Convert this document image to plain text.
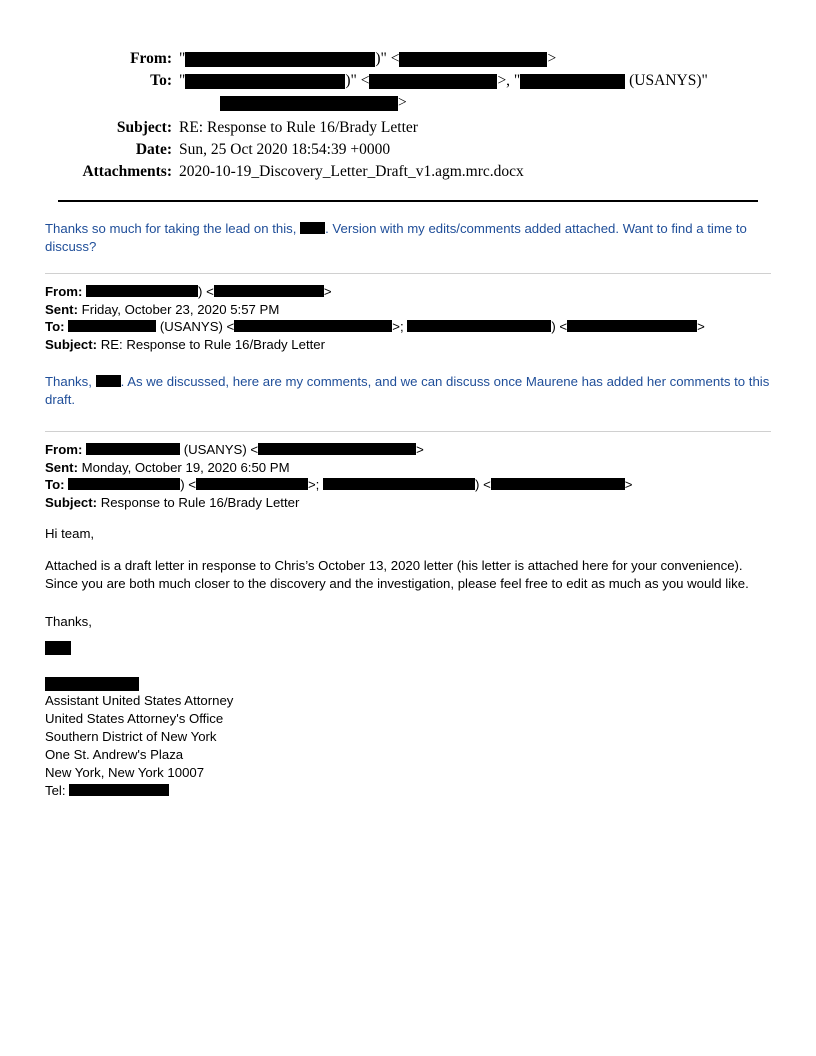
From: "	)" <	>
To: "	)" <	>, "	(USANYS)"
>
Subject: RE: Response to Rule 16/Brady Letter
Date: Sun, 25 Oct 2020 18:54:39 +0000
Attachments: 2020-10-19_Discovery_Letter_Draft_v1.agm.mrc.docx

Thanks so much for taking the lead on this, . Version with my edits/comments added attached. Want to find a time to discuss?

From:	) <	>
Sent: Friday, October 23, 2020 5:57 PM
To:	(USANYS) <	>;	) <	>
Subject: RE: Response to Rule 16/Brady Letter

Thanks, . As we discussed, here are my comments, and we can discuss once Maurene has added her comments to this draft.

From:	(USANYS) <	>
Sent: Monday, October 19, 2020 6:50 PM
To:	) <	>;	) <	>
Subject: Response to Rule 16/Brady Letter

Hi team,

Attached is a draft letter in response to Chris’s October 13, 2020 letter (his letter is attached here for your convenience). Since you are both much closer to the discovery and the investigation, please feel free to edit as much as you would like.

Thanks,

Assistant United States Attorney
United States Attorney's Office
Southern District of New York
One St. Andrew's Plaza
New York, New York 10007
Tel:
